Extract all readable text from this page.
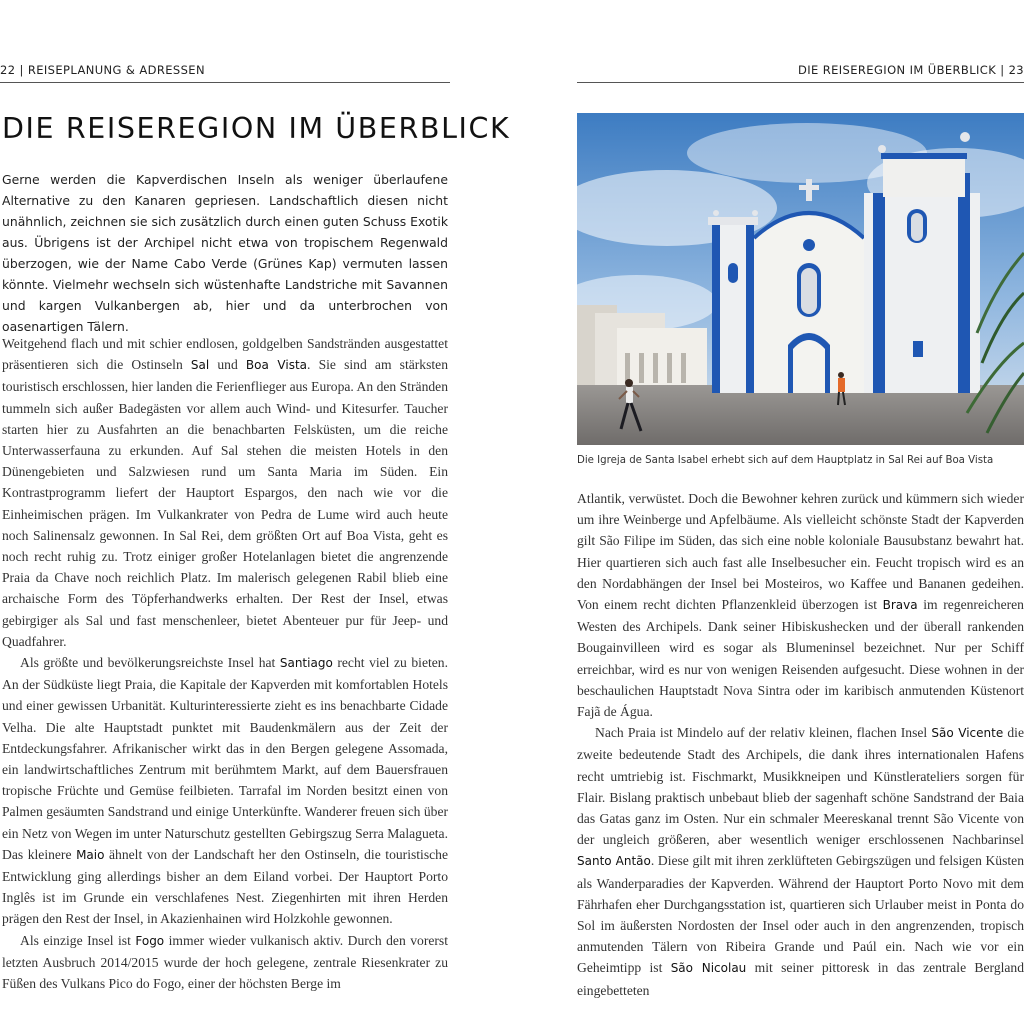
22 | REISEPLANUNG & ADRESSEN
DIE REISEREGION IM ÜBERBLICK

Gerne werden die Kapverdischen Inseln als weniger überlaufene Alternative zu den Kanaren gepriesen. Landschaftlich diesen nicht unähnlich, zeichnen sie sich zusätzlich durch einen guten Schuss Exotik aus. Übrigens ist der Archipel nicht etwa von tropischem Regenwald überzogen, wie der Name Cabo Verde (Grünes Kap) vermuten lassen könnte. Vielmehr wechseln sich wüstenhafte Landstriche mit Savannen und kargen Vulkanbergen ab, hier und da unterbrochen von oasenartigen Tälern.

Weitgehend flach und mit schier endlosen, goldgelben Sandstränden ausgestattet präsentieren sich die Ostinseln Sal und Boa Vista. Sie sind am stärksten touristisch erschlossen, hier landen die Ferienflieger aus Europa. An den Stränden tummeln sich außer Badegästen vor allem auch Wind- und Kitesurfer. Taucher starten hier zu Ausfahrten an die benachbarten Felsküsten, um die reiche Unterwasserfauna zu erkunden. Auf Sal stehen die meisten Hotels in den Dünengebieten und Salzwiesen rund um Santa Maria im Süden. Ein Kontrastprogramm liefert der Hauptort Espargos, den nach wie vor die Einheimischen prägen. Im Vulkankrater von Pedra de Lume wird auch heute noch Salinensalz gewonnen. In Sal Rei, dem größten Ort auf Boa Vista, geht es noch recht ruhig zu. Trotz einiger großer Hotelanlagen bietet die angrenzende Praia da Chave noch reichlich Platz. Im malerisch gelegenen Rabil blieb eine archaische Form des Töpferhandwerks erhalten. Der Rest der Insel, etwas gebirgiger als Sal und fast menschenleer, bietet Abenteuer pur für Jeep- und Quadfahrer.

Als größte und bevölkerungsreichste Insel hat Santiago recht viel zu bieten. An der Südküste liegt Praia, die Kapitale der Kapverden mit komfortablen Hotels und einer gewissen Urbanität. Kulturinteressierte zieht es ins benachbarte Cidade Velha. Die alte Hauptstadt punktet mit Baudenkmälern aus der Zeit der Entdeckungsfahrer. Afrikanischer wirkt das in den Bergen gelegene Assomada, ein landwirtschaftliches Zentrum mit berühmtem Markt, auf dem Bauersfrauen tropische Früchte und Gemüse feilbieten. Tarrafal im Norden besitzt einen von Palmen gesäumten Sandstrand und einige Unterkünfte. Wanderer freuen sich über ein Netz von Wegen im unter Naturschutz gestellten Gebirgszug Serra Malagueta. Das kleinere Maio ähnelt von der Landschaft her den Ostinseln, die touristische Entwicklung ging allerdings bisher an dem Eiland vorbei. Der Hauptort Porto Inglês ist im Grunde ein verschlafenes Nest. Ziegenhirten mit ihren Herden prägen den Rest der Insel, in Akazienhainen wird Holzkohle gewonnen.

Als einzige Insel ist Fogo immer wieder vulkanisch aktiv. Durch den vorerst letzten Ausbruch 2014/2015 wurde der hoch gelegene, zentrale Riesenkrater zu Füßen des Vulkans Pico do Fogo, einer der höchsten Berge im

DIE REISEREGION IM ÜBERBLICK | 23
Die Igreja de Santa Isabel erhebt sich auf dem Hauptplatz in Sal Rei auf Boa Vista

Atlantik, verwüstet. Doch die Bewohner kehren zurück und kümmern sich wieder um ihre Weinberge und Apfelbäume. Als vielleicht schönste Stadt der Kapverden gilt São Filipe im Süden, das sich eine noble koloniale Bausubstanz bewahrt hat. Hier quartieren sich auch fast alle Inselbesucher ein. Feucht tropisch wird es an den Nordabhängen der Insel bei Mosteiros, wo Kaffee und Bananen gedeihen. Von einem recht dichten Pflanzenkleid überzogen ist Brava im regenreicheren Westen des Archipels. Dank seiner Hibiskushecken und der überall rankenden Bougainvilleen wird es sogar als Blumeninsel bezeichnet. Nur per Schiff erreichbar, wird es nur von wenigen Reisenden aufgesucht. Diese wohnen in der beschaulichen Hauptstadt Nova Sintra oder im karibisch anmutenden Küstenort Fajã de Água.

Nach Praia ist Mindelo auf der relativ kleinen, flachen Insel São Vicente die zweite bedeutende Stadt des Archipels, die dank ihres internationalen Hafens recht umtriebig ist. Fischmarkt, Musikkneipen und Künstlerateliers sorgen für Flair. Bislang praktisch unbebaut blieb der sagenhaft schöne Sandstrand der Baia das Gatas ganz im Osten. Nur ein schmaler Meereskanal trennt São Vicente von der ungleich größeren, aber wesentlich weniger erschlossenen Nachbarinsel Santo Antão. Diese gilt mit ihren zerklüfteten Gebirgszügen und felsigen Küsten als Wanderparadies der Kapverden. Während der Hauptort Porto Novo mit dem Fährhafen eher Durchgangsstation ist, quartieren sich Urlauber meist in Ponta do Sol im äußersten Nordosten der Insel oder auch in den angrenzenden, tropisch anmutenden Tälern von Ribeira Grande und Paúl ein. Nach wie vor ein Geheimtipp ist São Nicolau mit seiner pittoresk in das zentrale Bergland eingebetteten
